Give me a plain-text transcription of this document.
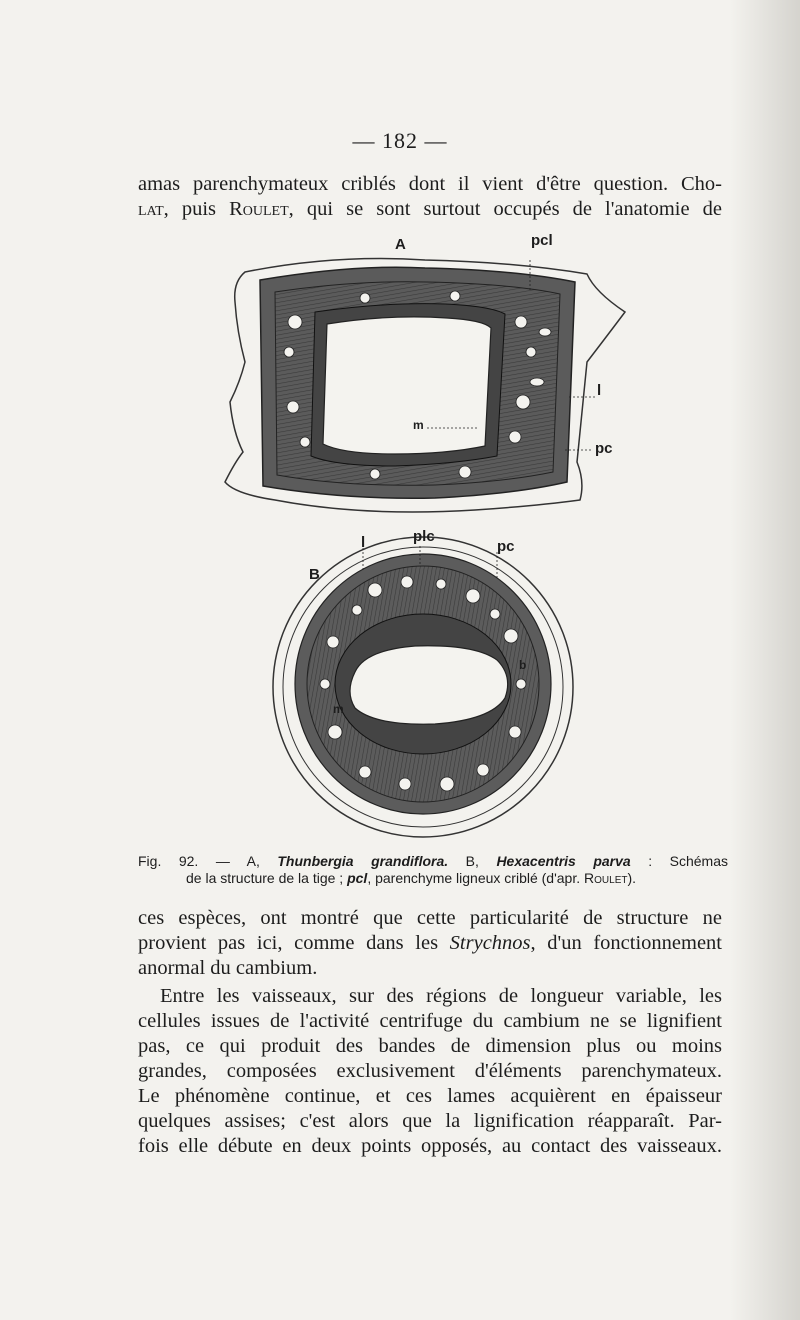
— 182 —
amas parenchymateux criblés dont il vient d'être question. Cho-
lat, puis Roulet, qui se sont surtout occupés de l'anatomie de
A	pcl
l
m
pc
l	plc
pc
B
m
b
Fig. 92. — A, Thunbergia grandiflora. B, Hexacentris parva : Schémas
de la structure de la tige ; pcl, parenchyme ligneux criblé (d'apr. Roulet).
ces espèces, ont montré que cette particularité de structure ne
provient pas ici, comme dans les Strychnos, d'un fonctionnement
anormal du cambium.
Entre les vaisseaux, sur des régions de longueur variable, les
cellules issues de l'activité centrifuge du cambium ne se lignifient
pas, ce qui produit des bandes de dimension plus ou moins
grandes, composées exclusivement d'éléments parenchymateux.
Le phénomène continue, et ces lames acquièrent en épaisseur
quelques assises; c'est alors que la lignification réapparaît. Par-
fois elle débute en deux points opposés, au contact des vaisseaux.
